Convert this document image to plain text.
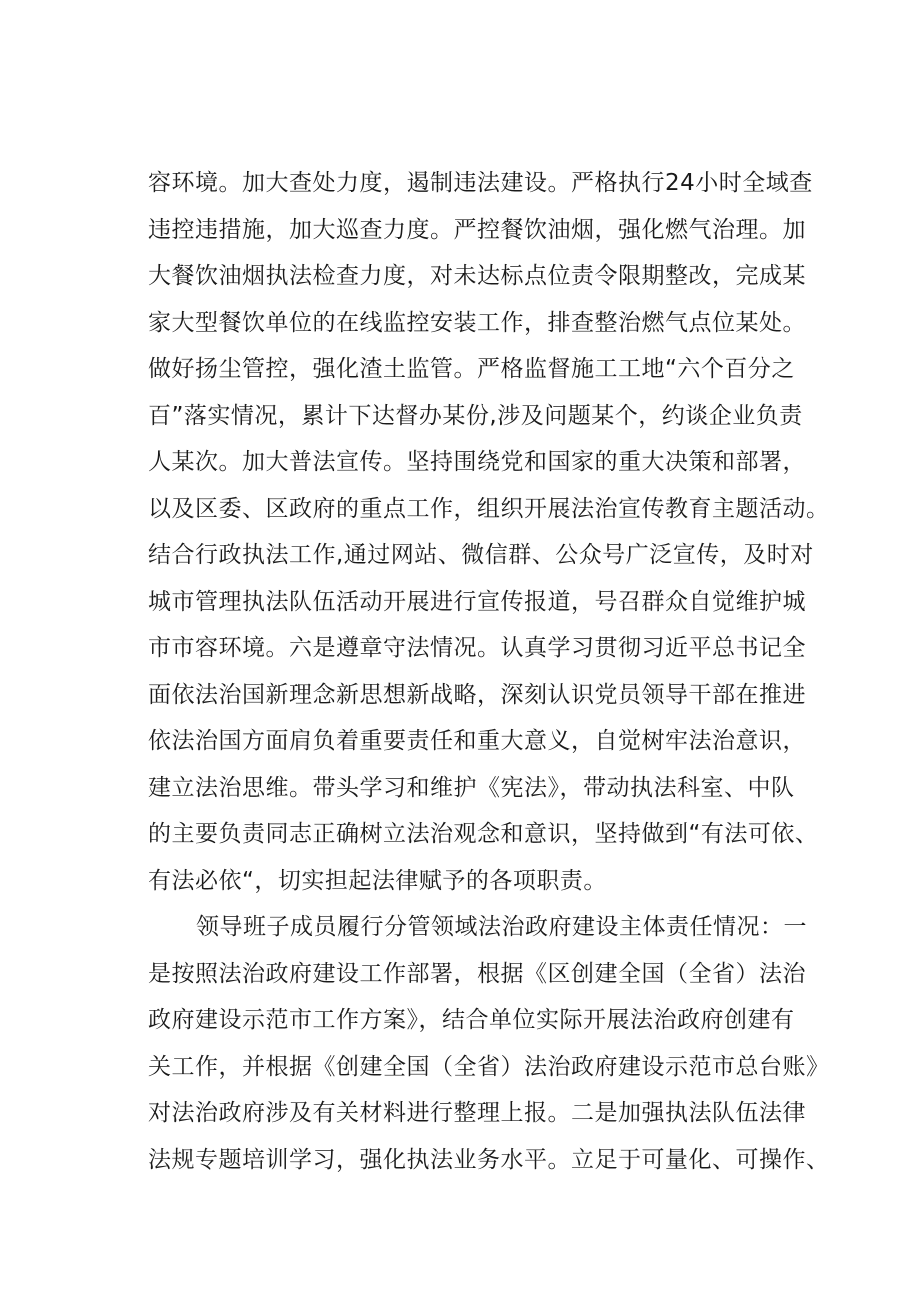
容环境。加大查处力度，遏制违法建设。严格执行24小时全域查
违控违措施，加大巡查力度。严控餐饮油烟，强化燃气治理。加
大餐饮油烟执法检查力度，对未达标点位责令限期整改，完成某
家大型餐饮单位的在线监控安装工作，排查整治燃气点位某处。
做好扬尘管控，强化渣土监管。严格监督施工工地“六个百分之
百”落实情况，累计下达督办某份,涉及问题某个，约谈企业负责
人某次。加大普法宣传。坚持围绕党和国家的重大决策和部署，
以及区委、区政府的重点工作，组织开展法治宣传教育主题活动。
结合行政执法工作,通过网站、微信群、公众号广泛宣传，及时对
城市管理执法队伍活动开展进行宣传报道，号召群众自觉维护城
市市容环境。六是遵章守法情况。认真学习贯彻习近平总书记全
面依法治国新理念新思想新战略，深刻认识党员领导干部在推进
依法治国方面肩负着重要责任和重大意义，自觉树牢法治意识，
建立法治思维。带头学习和维护《宪法》，带动执法科室、中队
的主要负责同志正确树立法治观念和意识，坚持做到“有法可依、
有法必依“，切实担起法律赋予的各项职责。
领导班子成员履行分管领域法治政府建设主体责任情况：一
是按照法治政府建设工作部署，根据《区创建全国（全省）法治
政府建设示范市工作方案》，结合单位实际开展法治政府创建有
关工作，并根据《创建全国（全省）法治政府建设示范市总台账》
对法治政府涉及有关材料进行整理上报。二是加强执法队伍法律
法规专题培训学习，强化执法业务水平。立足于可量化、可操作、
